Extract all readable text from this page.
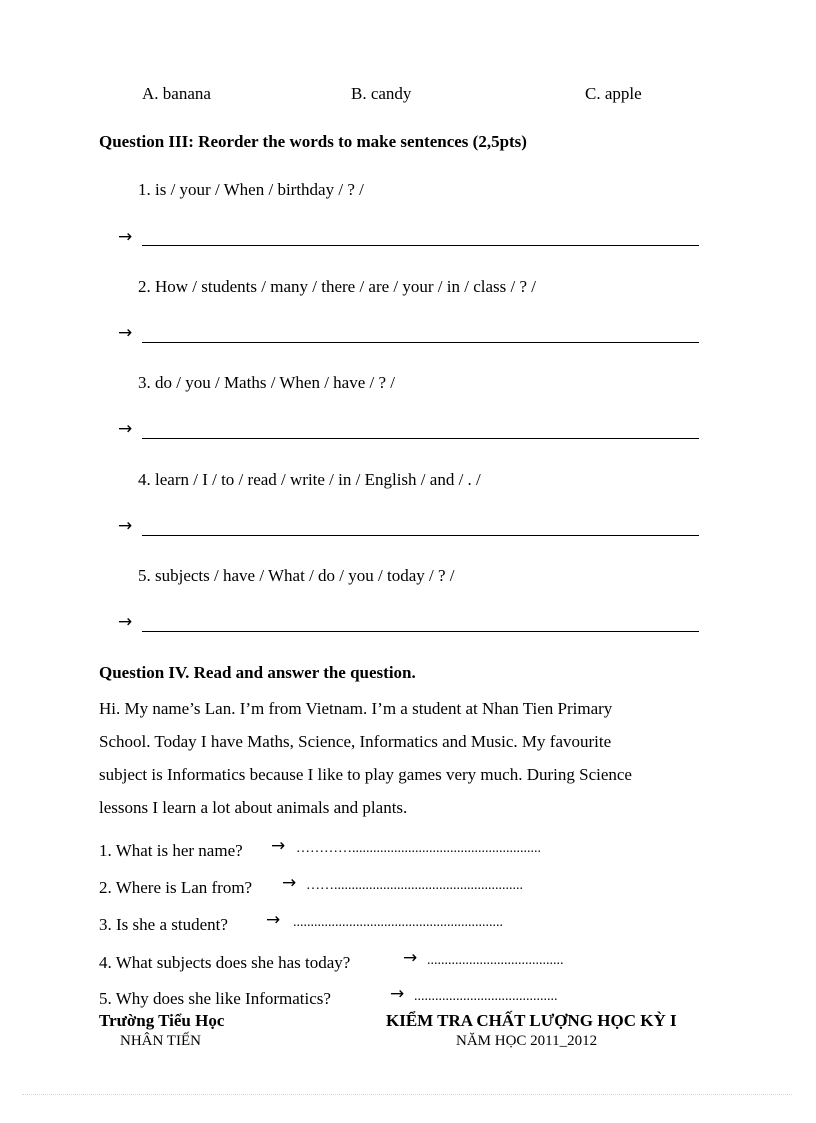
A. banana	B. candy	C. apple
Question III: Reorder the words to make sentences (2,5pts)
1. is / your / When / birthday / ? /
→
2. How / students / many / there / are / your / in / class / ? /
→
3. do / you / Maths / When / have / ? /
→
4. learn / I / to / read / write / in / English / and / . /
→
5. subjects / have / What / do / you / today / ? /
→
Question IV. Read and answer the question.
Hi. My name’s Lan. I’m from Vietnam. I’m a student at Nhan Tien Primary
School. Today I have Maths, Science, Informatics and Music. My favourite
subject is Informatics because I like to play games very much. During Science
lessons I learn a lot about animals and plants.
1. What is her name? → …………......................................................
2. Where is Lan from? → ……......................................................
3. Is she a student? → ............................................................
4. What subjects does she has today?	→ .......................................
5. Why does she like Informatics?	→ .........................................
Trường Tiểu Học
NHÂN TIẾN
KIỂM TRA CHẤT LƯỢNG HỌC KỲ I
NĂM HỌC 2011_2012
